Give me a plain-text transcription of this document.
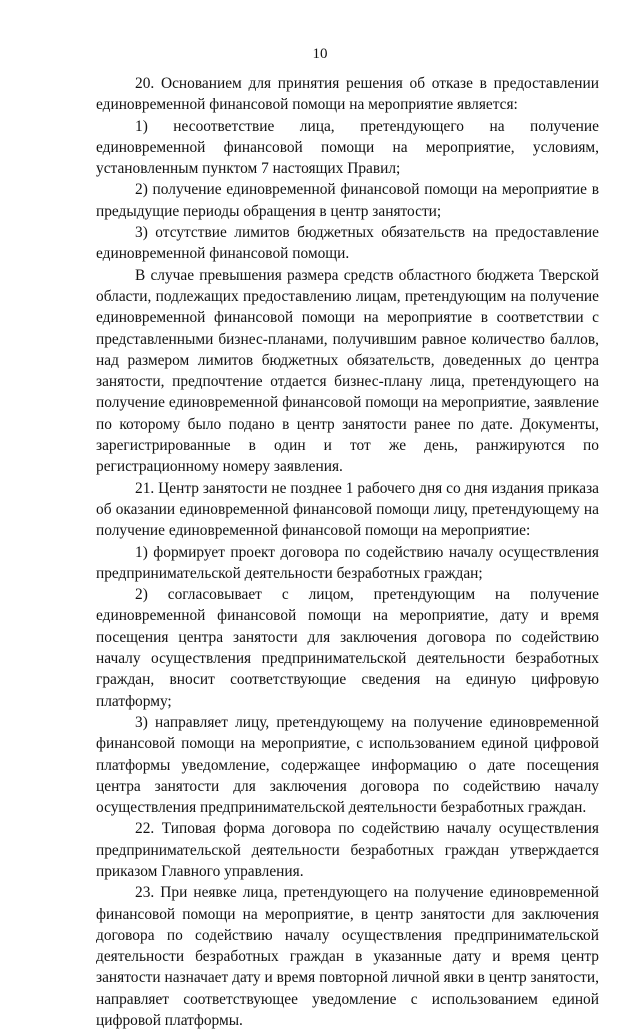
10

20. Основанием для принятия решения об отказе в предоставлении единовременной финансовой помощи на мероприятие является:

1) несоответствие лица, претендующего на получение единовременной финансовой помощи на мероприятие, условиям, установленным пунктом 7 настоящих Правил;

2) получение единовременной финансовой помощи на мероприятие в предыдущие периоды обращения в центр занятости;

3) отсутствие лимитов бюджетных обязательств на предоставление единовременной финансовой помощи.

В случае превышения размера средств областного бюджета Тверской области, подлежащих предоставлению лицам, претендующим на получение единовременной финансовой помощи на мероприятие в соответствии с представленными бизнес-планами, получившим равное количество баллов, над размером лимитов бюджетных обязательств, доведенных до центра занятости, предпочтение отдается бизнес-плану лица, претендующего на получение единовременной финансовой помощи на мероприятие, заявление по которому было подано в центр занятости ранее по дате. Документы, зарегистрированные в один и тот же день, ранжируются по регистрационному номеру заявления.

21. Центр занятости не позднее 1 рабочего дня со дня издания приказа об оказании единовременной финансовой помощи лицу, претендующему на получение единовременной финансовой помощи на мероприятие:

1) формирует проект договора по содействию началу осуществления предпринимательской деятельности безработных граждан;

2) согласовывает с лицом, претендующим на получение единовременной финансовой помощи на мероприятие, дату и время посещения центра занятости для заключения договора по содействию началу осуществления предпринимательской деятельности безработных граждан, вносит соответствующие сведения на единую цифровую платформу;

3) направляет лицу, претендующему на получение единовременной финансовой помощи на мероприятие, с использованием единой цифровой платформы уведомление, содержащее информацию о дате посещения центра занятости для заключения договора по содействию началу осуществления предпринимательской деятельности безработных граждан.

22. Типовая форма договора по содействию началу осуществления предпринимательской деятельности безработных граждан утверждается приказом Главного управления.

23. При неявке лица, претендующего на получение единовременной финансовой помощи на мероприятие, в центр занятости для заключения договора по содействию началу осуществления предпринимательской деятельности безработных граждан в указанные дату и время центр занятости назначает дату и время повторной личной явки в центр занятости, направляет соответствующее уведомление с использованием единой цифровой платформы.
